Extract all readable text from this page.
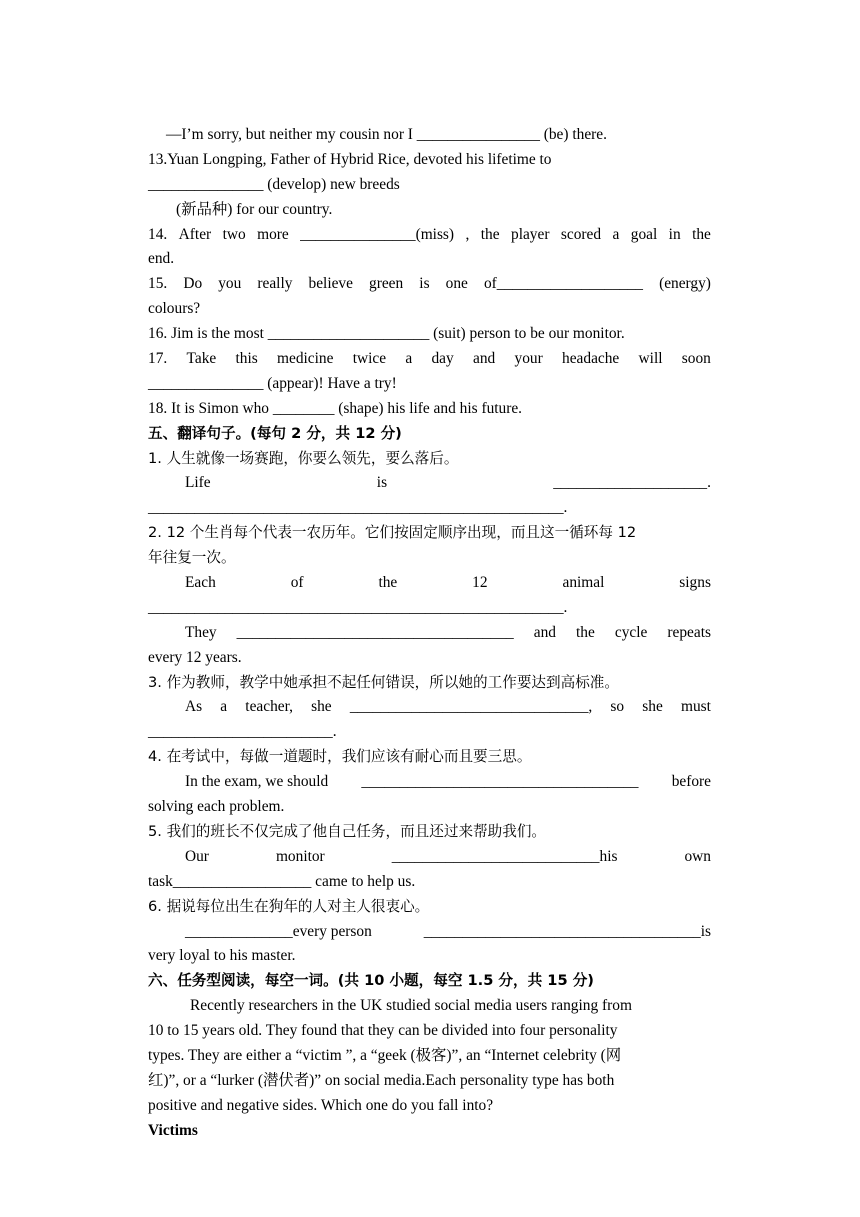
—I’m sorry, but neither my cousin nor I ________________ (be) there.
13.Yuan Longping, Father of Hybrid Rice, devoted his lifetime to
_______________ (develop) new breeds
(新品种) for our country.
14. After two more _______________(miss) , the player scored a goal in the
end.
15. Do you really believe green is one of___________________ (energy)
colours?
16. Jim is the most _____________________ (suit) person to be our monitor.
17. Take this medicine twice a day and your headache will soon
_______________ (appear)! Have a try!
18. It is Simon who ________ (shape) his life and his future.
五、翻译句子。(每句 2 分，共 12 分)
1. 人生就像一场赛跑，你要么领先，要么落后。
Life	is	____________________.
______________________________________________________.
2. 12 个生肖每个代表一农历年。它们按固定顺序出现，而且这一循环每 12
年往复一次。
Each	of	the	12	animal	signs
______________________________________________________.
They ____________________________________ and the cycle repeats
every 12 years.
3. 作为教师，教学中她承担不起任何错误，所以她的工作要达到高标准。
As a teacher, she _______________________________, so she must
________________________.
4. 在考试中，每做一道题时，我们应该有耐心而且要三思。
In the exam, we should ____________________________________ before
solving each problem.
5. 我们的班长不仅完成了他自己任务，而且还过来帮助我们。
Our	monitor	___________________________his	own
task__________________ came to help us.
6. 据说每位出生在狗年的人对主人很衷心。
______________every person	____________________________________is
very loyal to his master.
六、任务型阅读，每空一词。(共 10 小题，每空 1.5 分，共 15 分)
Recently researchers in the UK studied social media users ranging from
10 to 15 years old. They found that they can be divided into four personality
types. They are either a “victim ”, a “geek (极客)”, an “Internet celebrity (网
红)”, or a “lurker (潜伏者)” on social media.Each personality type has both
positive and negative sides. Which one do you fall into?
Victims
